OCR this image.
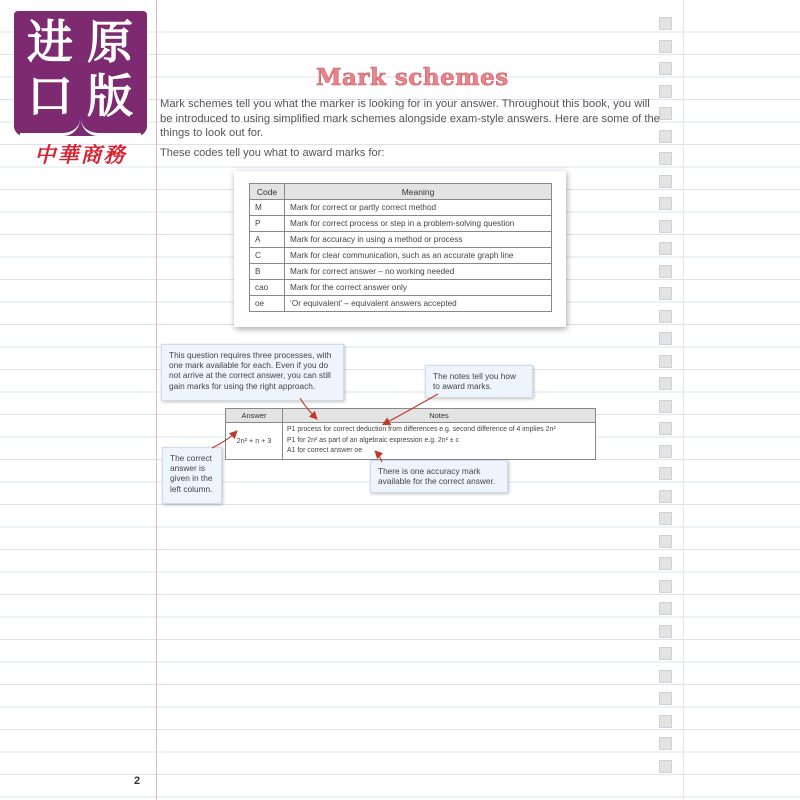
进 原
口 版
中華商務
Mark schemes
Mark schemes tell you what the marker is looking for in your answer. Throughout this book, you will be introduced to using simplified mark schemes alongside exam-style answers. Here are some of the things to look out for.
These codes tell you what to award marks for:
Code	Meaning
M	Mark for correct or partly correct method
P	Mark for correct process or step in a problem-solving question
A	Mark for accuracy in using a method or process
C	Mark for clear communication, such as an accurate graph line
B	Mark for correct answer – no working needed
cao	Mark for the correct answer only
oe	‘Or equivalent’ – equivalent answers accepted
This question requires three processes, with one mark available for each. Even if you do not arrive at the correct answer, you can still gain marks for using the right approach.
The notes tell you how to award marks.
Answer	Notes
2n² + n + 3	P1 process for correct deduction from differences e.g. second difference of 4 implies 2n²
P1 for 2n² as part of an algebraic expression e.g. 2n² ± c
A1 for correct answer oe
The correct answer is given in the left column.
There is one accuracy mark available for the correct answer.
2
